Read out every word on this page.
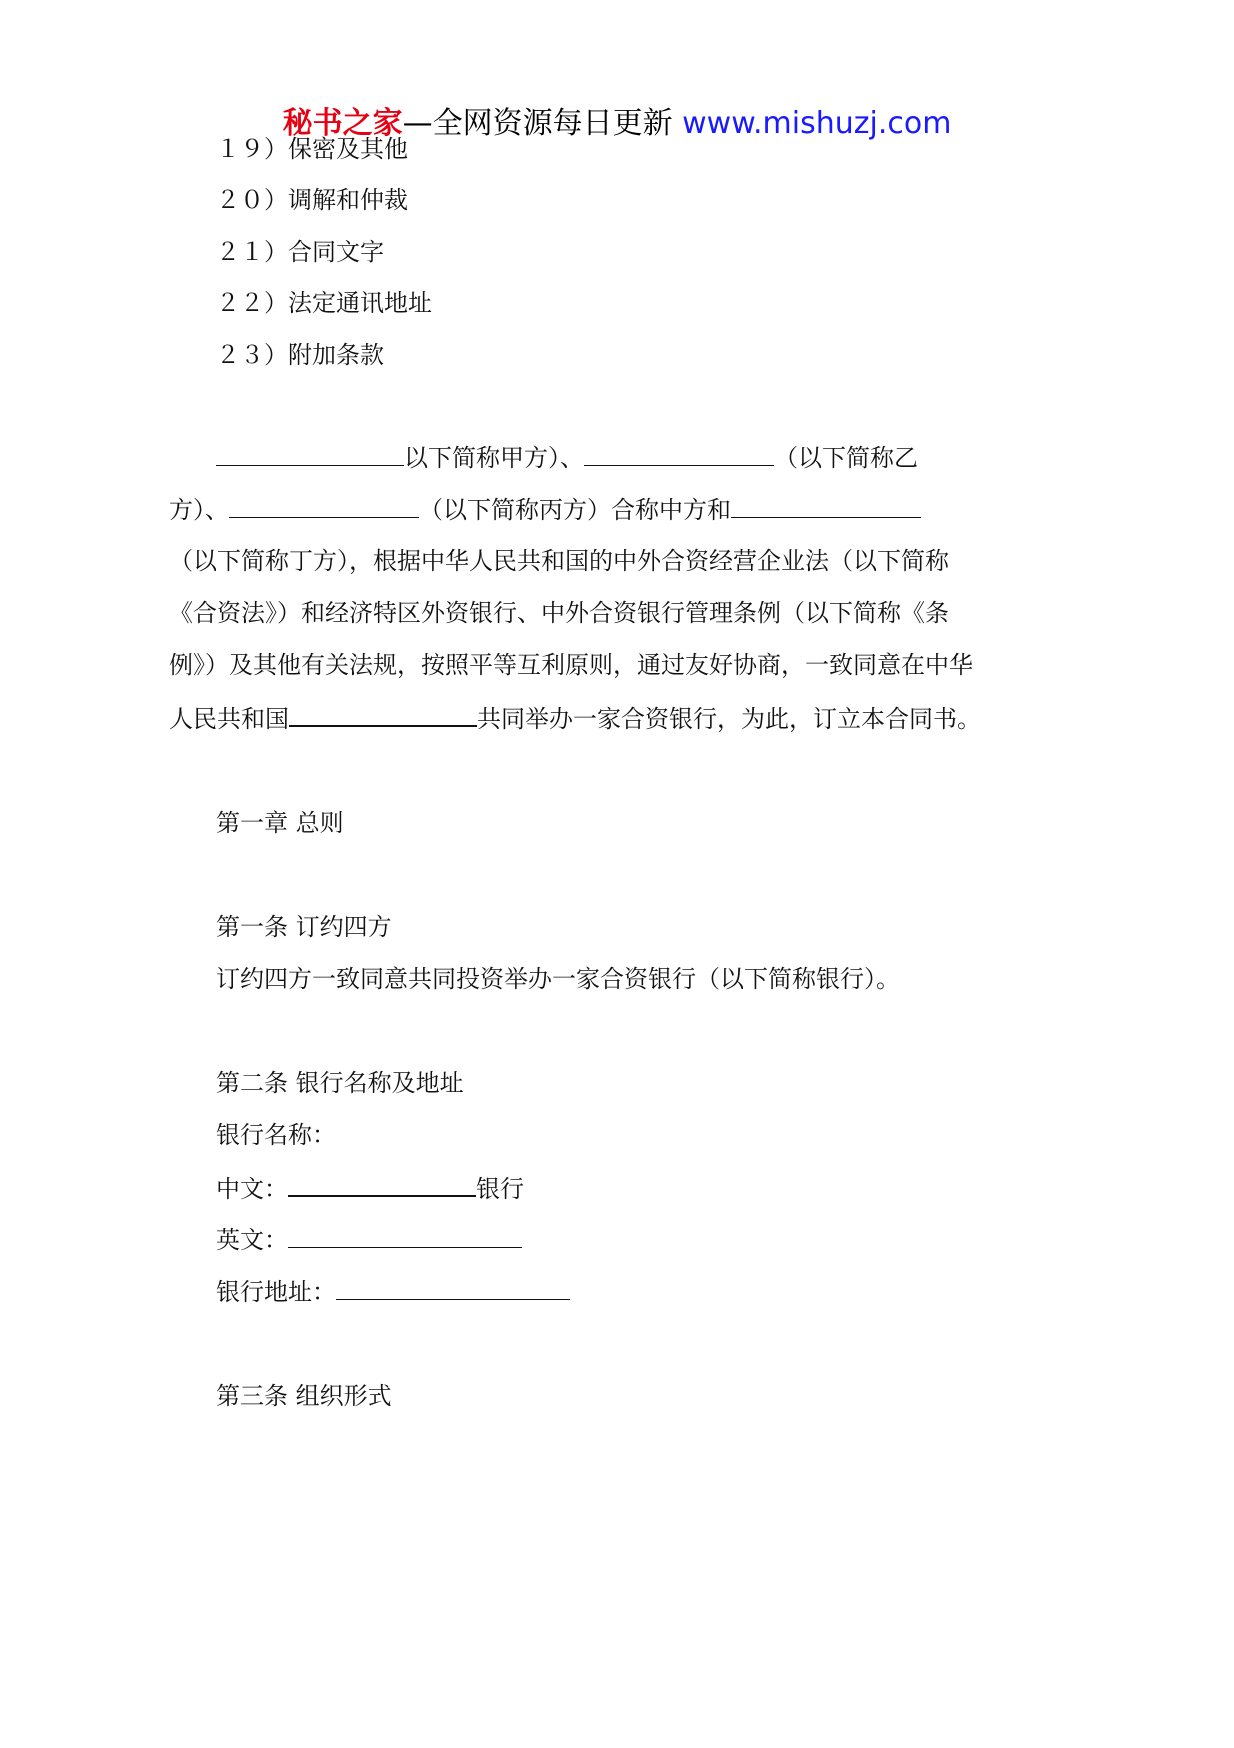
秘书之家—全网资源每日更新 www.mishuzj.com
１９）保密及其他
２０）调解和仲裁
２１）合同文字
２２）法定通讯地址
２３）附加条款
以下简称甲方）、	（以下简称乙
方）、	（以下简称丙方）合称中方和
（以下简称丁方），根据中华人民共和国的中外合资经营企业法（以下简称
《合资法》）和经济特区外资银行、中外合资银行管理条例（以下简称《条
例》）及其他有关法规，按照平等互利原则，通过友好协商，一致同意在中华
人民共和国	共同举办一家合资银行，为此，订立本合同书。
第一章 总则
第一条 订约四方
订约四方一致同意共同投资举办一家合资银行（以下简称银行）。
第二条 银行名称及地址
银行名称：
中文：	银行
英文：
银行地址：
第三条 组织形式
